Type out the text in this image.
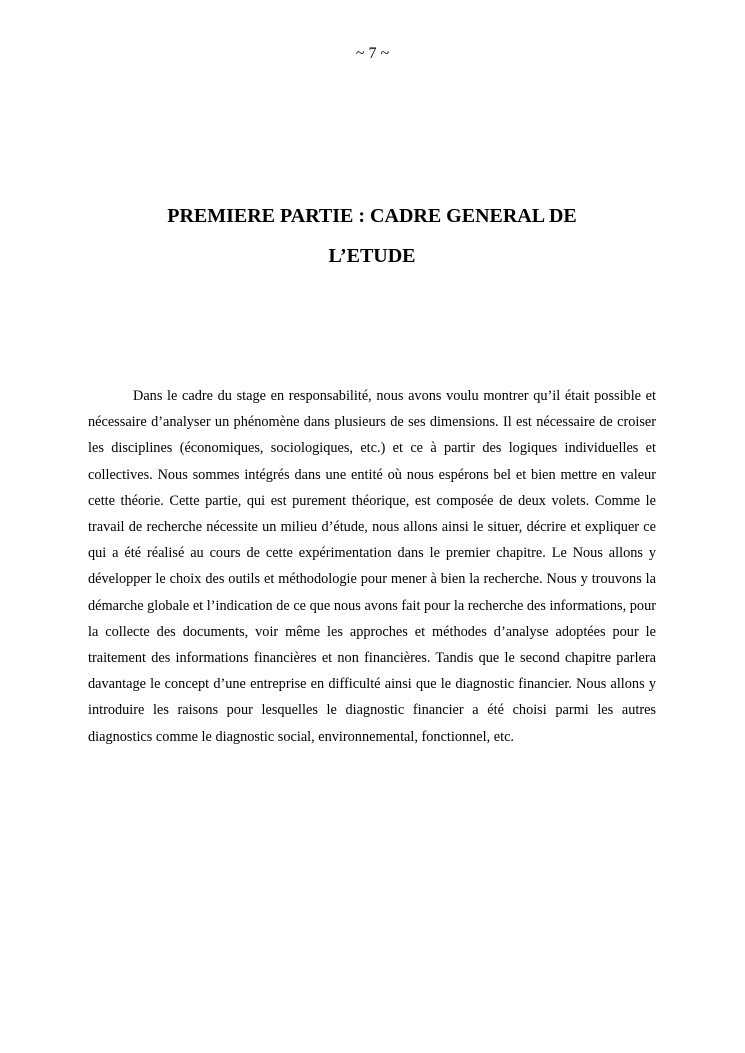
~ 7 ~
PREMIERE PARTIE : CADRE GENERAL DE
L’ETUDE

Dans le cadre du stage en responsabilité, nous avons voulu montrer qu’il était possible et nécessaire d’analyser un phénomène dans plusieurs de ses dimensions. Il est nécessaire de croiser les disciplines (économiques, sociologiques, etc.) et ce à partir des logiques individuelles et collectives. Nous sommes intégrés dans une entité où nous espérons bel et bien mettre en valeur cette théorie. Cette partie, qui est purement théorique, est composée de deux volets. Comme le travail de recherche nécessite un milieu d’étude, nous allons ainsi le situer, décrire et expliquer ce qui a été réalisé au cours de cette expérimentation dans le premier chapitre. Le Nous allons y développer le choix des outils et méthodologie pour mener à bien la recherche. Nous y trouvons la démarche globale et l’indication de ce que nous avons fait pour la recherche des informations, pour la collecte des documents, voir même les approches et méthodes d’analyse adoptées pour le traitement des informations financières et non financières. Tandis que le second chapitre parlera davantage le concept d’une entreprise en difficulté ainsi que le diagnostic financier. Nous allons y introduire les raisons pour lesquelles le diagnostic financier a été choisi parmi les autres diagnostics comme le diagnostic social, environnemental, fonctionnel, etc.
